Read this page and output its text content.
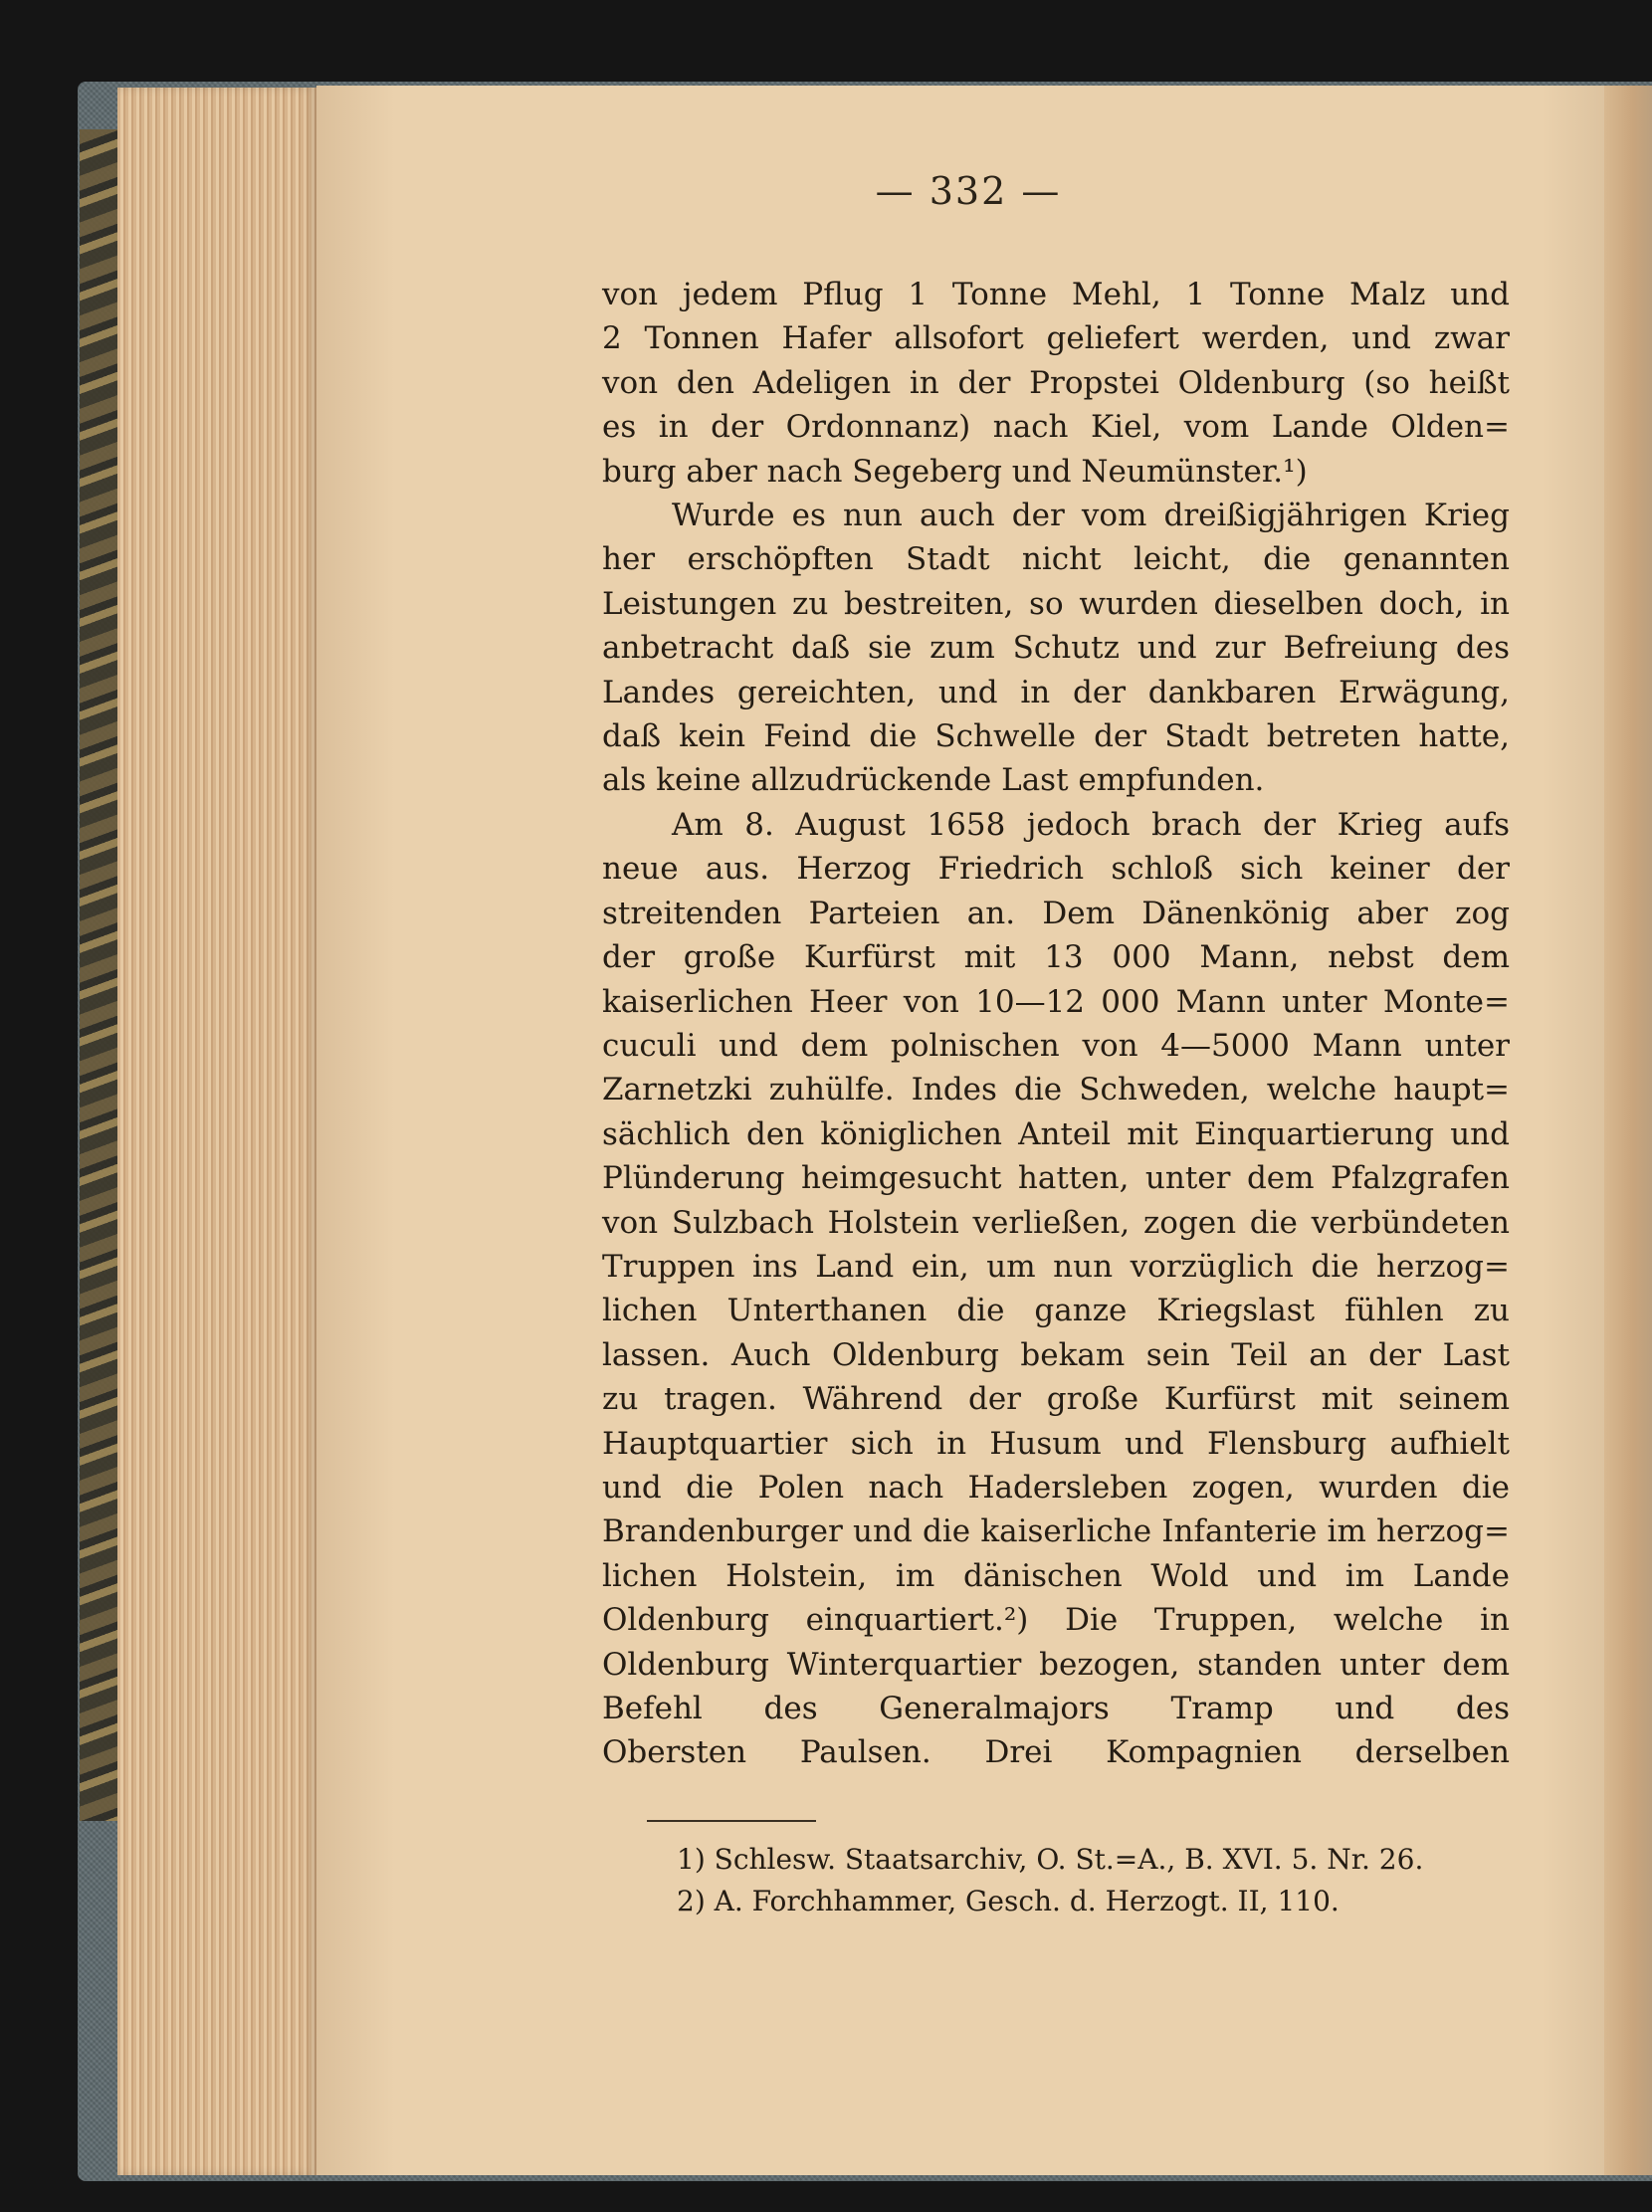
— 332 —
von jedem Pflug 1 Tonne Mehl, 1 Tonne Malz und
2 Tonnen Hafer allsofort geliefert werden, und zwar
von den Adeligen in der Propstei Oldenburg (so heißt
es in der Ordonnanz) nach Kiel, vom Lande Olden=
burg aber nach Segeberg und Neumünster.¹)
Wurde es nun auch der vom dreißigjährigen Krieg
her erschöpften Stadt nicht leicht, die genannten
Leistungen zu bestreiten, so wurden dieselben doch, in
anbetracht daß sie zum Schutz und zur Befreiung des
Landes gereichten, und in der dankbaren Erwägung,
daß kein Feind die Schwelle der Stadt betreten hatte,
als keine allzudrückende Last empfunden.
Am 8. August 1658 jedoch brach der Krieg aufs
neue aus. Herzog Friedrich schloß sich keiner der
streitenden Parteien an. Dem Dänenkönig aber zog
der große Kurfürst mit 13 000 Mann, nebst dem
kaiserlichen Heer von 10—12 000 Mann unter Monte=
cuculi und dem polnischen von 4—5000 Mann unter
Zarnetzki zuhülfe. Indes die Schweden, welche haupt=
sächlich den königlichen Anteil mit Einquartierung und
Plünderung heimgesucht hatten, unter dem Pfalzgrafen
von Sulzbach Holstein verließen, zogen die verbündeten
Truppen ins Land ein, um nun vorzüglich die herzog=
lichen Unterthanen die ganze Kriegslast fühlen zu
lassen. Auch Oldenburg bekam sein Teil an der Last
zu tragen. Während der große Kurfürst mit seinem
Hauptquartier sich in Husum und Flensburg aufhielt
und die Polen nach Hadersleben zogen, wurden die
Brandenburger und die kaiserliche Infanterie im herzog=
lichen Holstein, im dänischen Wold und im Lande
Oldenburg einquartiert.²) Die Truppen, welche in
Oldenburg Winterquartier bezogen, standen unter dem
Befehl des Generalmajors Tramp und des
Obersten Paulsen. Drei Kompagnien derselben
1) Schlesw. Staatsarchiv, O. St.=A., B. XVI. 5. Nr. 26.
2) A. Forchhammer, Gesch. d. Herzogt. II, 110.
